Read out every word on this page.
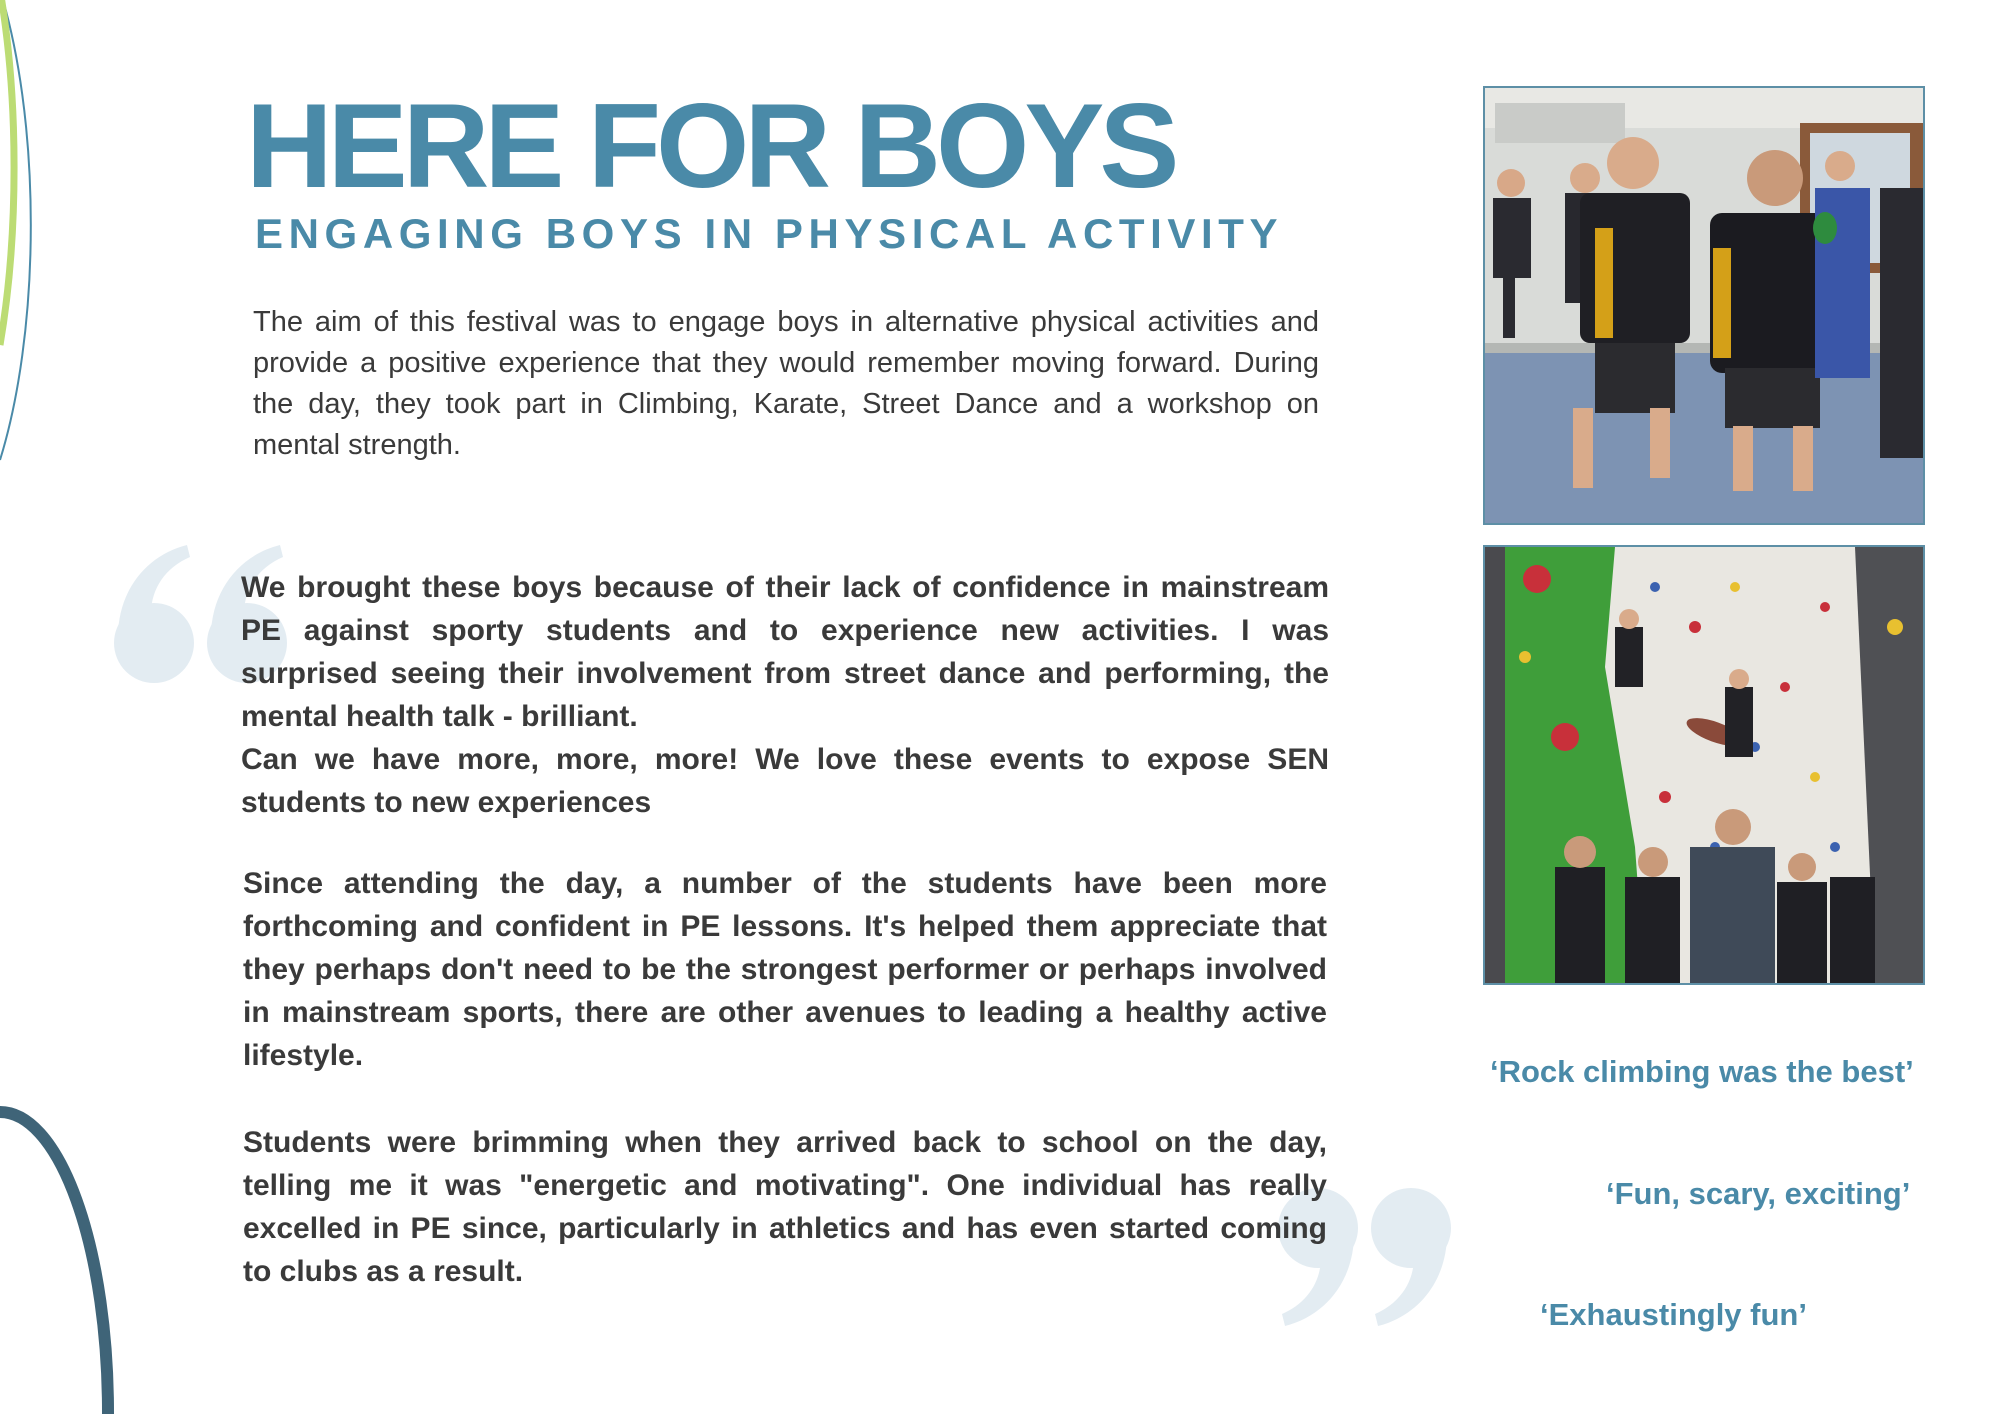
HERE FOR BOYS
ENGAGING BOYS IN PHYSICAL ACTIVITY

The aim of this festival was to engage boys in alternative physical activities and provide a positive experience that they would remember moving forward. During the day, they took part in Climbing, Karate, Street Dance and a workshop on mental strength.

We brought these boys because of their lack of confidence in mainstream PE against sporty students and to experience new activities. I was surprised seeing their involvement from street dance and performing, the mental health talk - brilliant.

Can we have more, more, more! We love these events to expose SEN students to new experiences

Since attending the day, a number of the students have been more forthcoming and confident in PE lessons. It's helped them appreciate that they perhaps don't need to be the strongest performer or perhaps involved in mainstream sports, there are other avenues to leading a healthy active lifestyle.

Students were brimming when they arrived back to school on the day, telling me it was "energetic and motivating". One individual has really excelled in PE since, particularly in athletics and has even started coming to clubs as a result.

‘Rock climbing was the best’

‘Fun, scary, exciting’

‘Exhaustingly fun’
